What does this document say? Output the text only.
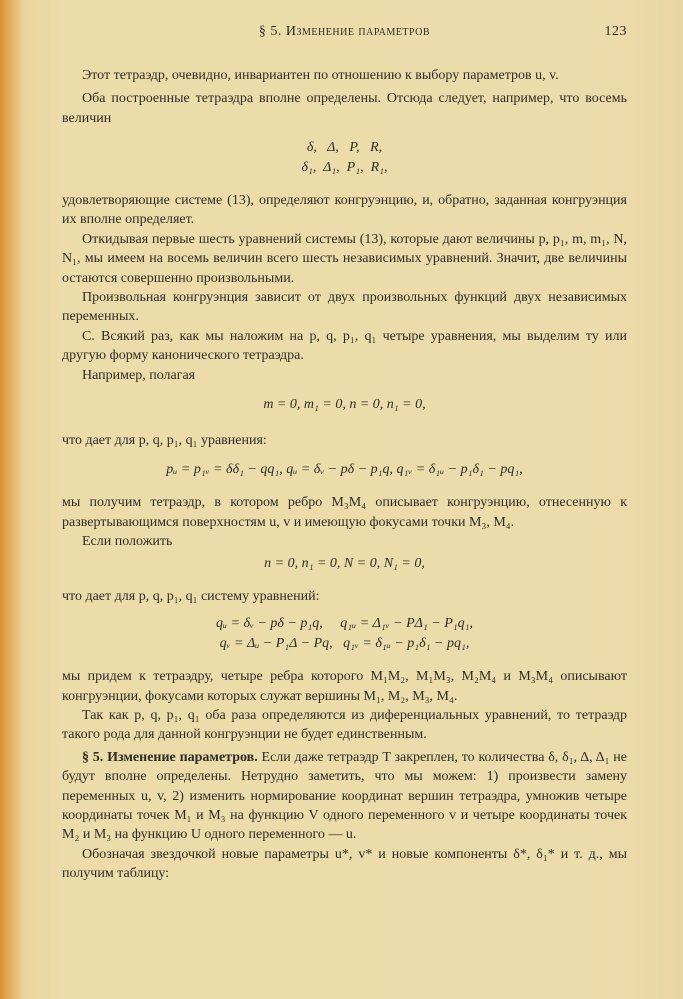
§ 5. Изменение параметров	123

Этот тетраэдр, очевидно, инвариантен по отношению к выбору параметров u, v.

Оба построенные тетраэдра вполне определены. Отсюда следует, например, что восемь величин

δ,   Δ,   P,   R,
δ₁,  Δ₁,  P₁,  R₁,

удовлетворяющие системе (13), определяют конгруэнцию, и, обратно, заданная конгруэнция их вполне определяет.

Откидывая первые шесть уравнений системы (13), которые дают величины p, p₁, m, m₁, N, N₁, мы имеем на восемь величин всего шесть независимых уравнений. Значит, две величины остаются совершенно произвольными.

Произвольная конгруэнция зависит от двух произвольных функций двух независимых переменных.

C. Всякий раз, как мы наложим на p, q, p₁, q₁ четыре уравнения, мы выделим ту или другую форму канонического тетраэдра.

Например, полагая

m = 0, m₁ = 0, n = 0, n₁ = 0,

что дает для p, q, p₁, q₁ уравнения:

pᵤ = p₁ᵥ = δδ₁ − qq₁, qᵤ = δᵥ − pδ − p₁q, q₁ᵥ = δ₁ᵤ − p₁δ₁ − pq₁,

мы получим тетраэдр, в котором ребро M₃M₄ описывает конгруэнцию, отнесенную к развертывающимся поверхностям u, v и имеющую фокусами точки M₃, M₄.

Если положить

n = 0, n₁ = 0, N = 0, N₁ = 0,

что дает для p, q, p₁, q₁ систему уравнений:

qᵤ = δᵥ − pδ − p₁q,     q₁ᵤ = Δ₁ᵥ − PΔ₁ − P₁q₁,
qᵥ = Δᵤ − P₁Δ − Pq,   q₁ᵥ = δ₁ᵤ − p₁δ₁ − pq₁,

мы придем к тетраэдру, четыре ребра которого M₁M₂, M₁M₃, M₂M₄ и M₃M₄ описывают конгруэнции, фокусами которых служат вершины M₁, M₂, M₃, M₄.

Так как p, q, p₁, q₁ оба раза определяются из диференциальных уравнений, то тетраэдр такого рода для данной конгруэнции не будет единственным.

§ 5. Изменение параметров. Если даже тетраэдр T закреплен, то количества δ, δ₁, Δ, Δ₁ не будут вполне определены. Нетрудно заметить, что мы можем: 1) произвести замену переменных u, v, 2) изменить нормирование координат вершин тетраэдра, умножив четыре координаты точек M₁ и M₃ на функцию V одного переменного v и четыре координаты точек M₂ и M₃ на функцию U одного переменного — u.

Обозначая звездочкой новые параметры u*, v* и новые компоненты δ*, δ₁* и т. д., мы получим таблицу:
